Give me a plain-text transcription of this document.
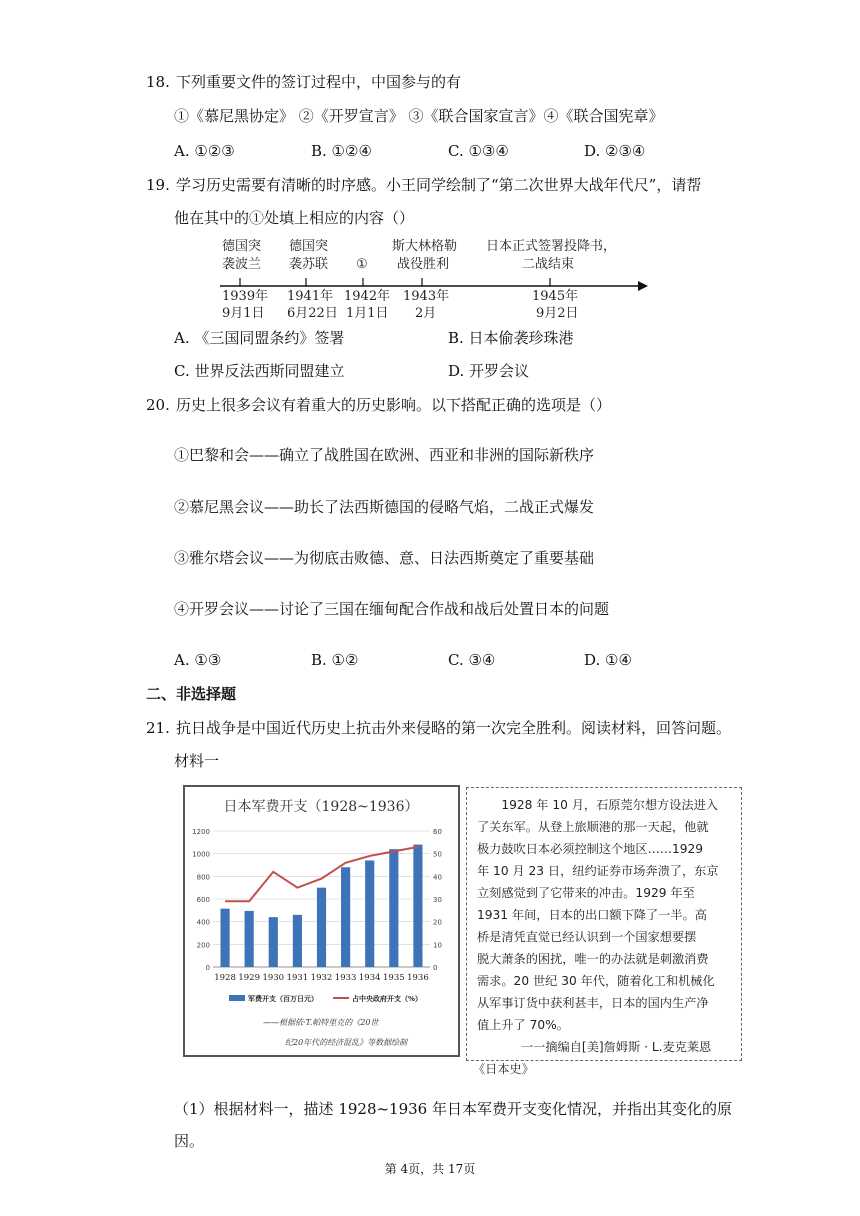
18. 下列重要文件的签订过程中，中国参与的有
①《慕尼黑协定》 ②《开罗宣言》 ③《联合国家宣言》④《联合国宪章》
A. ①②③	B. ①②④	C. ①③④	D. ②③④
19. 学习历史需要有清晰的时序感。小王同学绘制了“第二次世界大战年代尺”，请帮
他在其中的①处填上相应的内容（）
德国突
袭波兰
德国突
袭苏联 ①
斯大林格勒
战役胜利
日本正式签署投降书，
二战结束
1939年
9月1日
1941年
6月22日
1942年
1月1日
1943年
2月
1945年
9月2日
A. 《三国同盟条约》签署	B. 日本偷袭珍珠港
C. 世界反法西斯同盟建立	D. 开罗会议
20. 历史上很多会议有着重大的历史影响。以下搭配正确的选项是（）
①巴黎和会——确立了战胜国在欧洲、西亚和非洲的国际新秩序
②慕尼黑会议——助长了法西斯德国的侵略气焰，二战正式爆发
③雅尔塔会议——为彻底击败德、意、日法西斯奠定了重要基础
④开罗会议——讨论了三国在缅甸配合作战和战后处置日本的问题
A. ①③	B. ①②	C. ③④	D. ①④
二、非选择题
21. 抗日战争是中国近代历史上抗击外来侵略的第一次完全胜利。阅读材料，回答问题。
材料一
日本军费开支（1928~1936）
0
200
400
600
800
1000
1200
0
10
20
30
40
50
60
1928 1929 1930 1931 1932 1933 1934 1935 1936
军费开支（百万日元）	占中央政府开支（%）
——根据依·T.帕特里克的《20世
纪20年代的经济混乱》等数据绘制
　　1928 年 10 月，石原莞尔想方设法进入
了关东军。从登上旅顺港的那一天起，他就
极力鼓吹日本必须控制这个地区……1929
年 10 月 23 日，纽约证券市场奔溃了，东京
立刻感觉到了它带来的冲击。1929 年至
1931 年间，日本的出口额下降了一半。高
桥是清凭直觉已经认识到一个国家想要摆
脱大萧条的困扰，唯一的办法就是刺激消费
需求。20 世纪 30 年代，随着化工和机械化
从军事订货中获利甚丰，日本的国内生产净
值上升了 70%。
一一摘编自[美]詹姆斯 · L.麦克莱恩
《日本史》
（1）根据材料一，描述 1928~1936 年日本军费开支变化情况，并指出其变化的原
因。
第 4页，共 17页
